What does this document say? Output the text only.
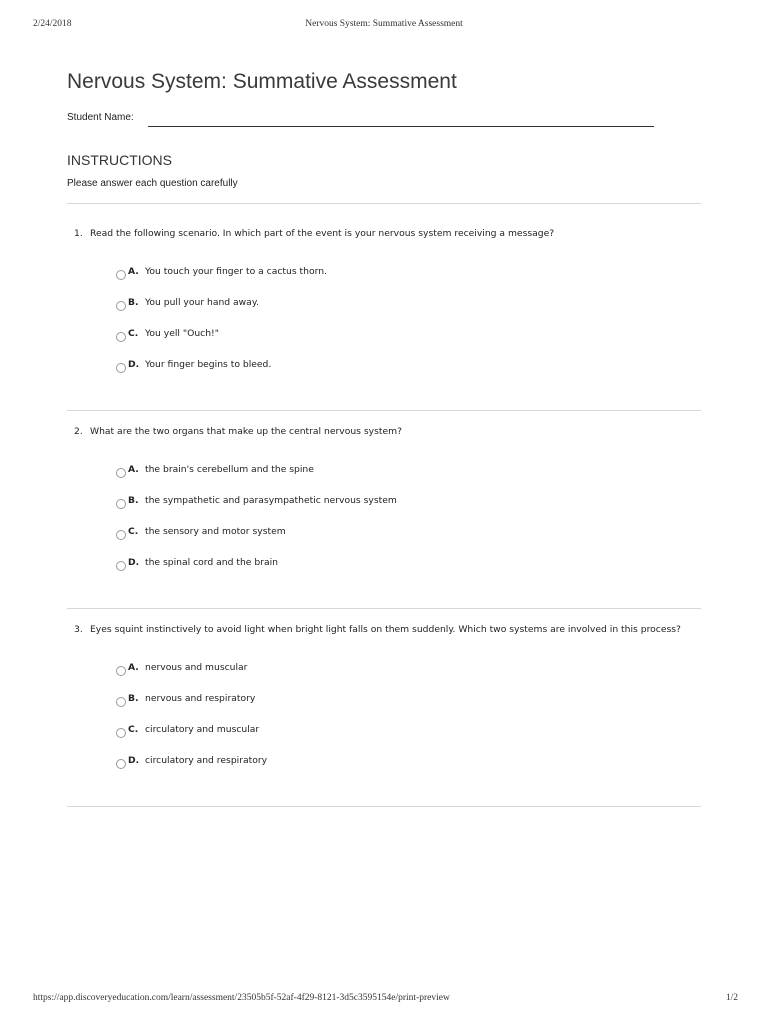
2/24/2018	Nervous System: Summative Assessment
Nervous System: Summative Assessment
Student Name:
INSTRUCTIONS
Please answer each question carefully
1. Read the following scenario. In which part of the event is your nervous system receiving a message?
A. You touch your finger to a cactus thorn.
B. You pull your hand away.
C. You yell "Ouch!"
D. Your finger begins to bleed.
2. What are the two organs that make up the central nervous system?
A. the brain's cerebellum and the spine
B. the sympathetic and parasympathetic nervous system
C. the sensory and motor system
D. the spinal cord and the brain
3. Eyes squint instinctively to avoid light when bright light falls on them suddenly. Which two systems are involved in this process?
A. nervous and muscular
B. nervous and respiratory
C. circulatory and muscular
D. circulatory and respiratory
https://app.discoveryeducation.com/learn/assessment/23505b5f-52af-4f29-8121-3d5c3595154e/print-preview	1/2
